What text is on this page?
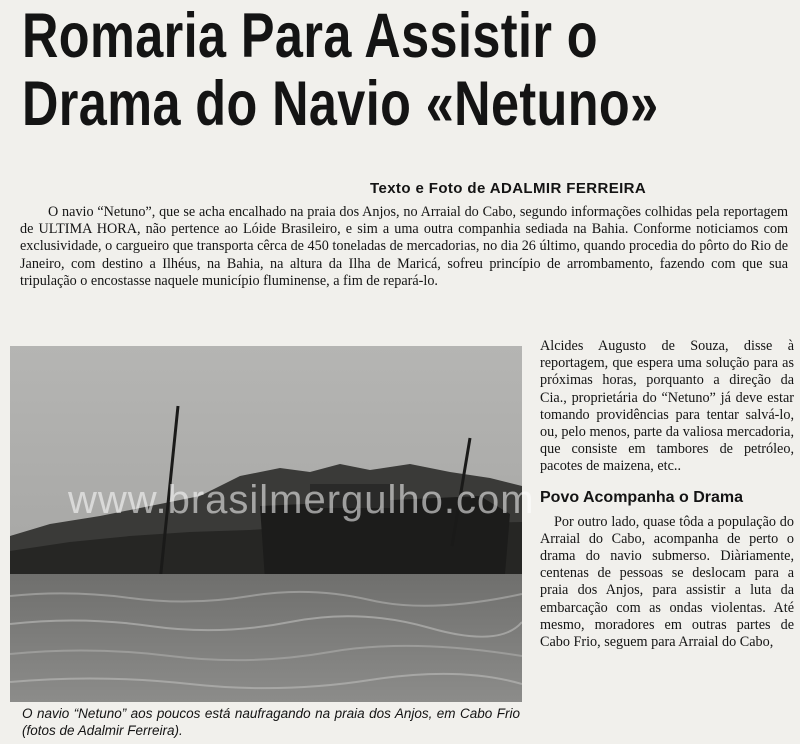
Romaria Para Assistir o
Drama do Navio «Netuno»
Texto e Foto de ADALMIR FERREIRA
O navio “Netuno”, que se acha encalhado na praia dos Anjos, no Arraial do Cabo, segundo informações colhidas pela reportagem de ULTIMA HORA, não pertence ao Lóide Brasileiro, e sim a uma outra companhia sediada na Bahia. Conforme noticiamos com exclusividade, o cargueiro que transporta cêrca de 450 toneladas de mercadorias, no dia 26 último, quando procedia do pôrto do Rio de Janeiro, com destino a Ilhéus, na Bahia, na altura da Ilha de Maricá, sofreu princípio de arrombamento, fazendo com que sua tripulação o encostasse naquele município fluminense, a fim de repará-lo.
www.brasilmergulho.com
O navio “Netuno” aos poucos está naufragando na praia dos Anjos, em Cabo Frio (fotos de Adalmir Ferreira).

Alcides Augusto de Souza, disse à reportagem, que espera uma solução para as próximas horas, porquanto a direção da Cia., proprietária do “Netuno” já deve estar tomando providências para tentar salvá-lo, ou, pelo menos, parte da valiosa mercadoria, que consiste em tambores de petróleo, pacotes de maizena, etc..

Povo Acompanha o Drama

Por outro lado, quase tôda a população do Arraial do Cabo, acompanha de perto o drama do navio submerso. Diàriamente, centenas de pessoas se deslocam para a praia dos Anjos, para assistir a luta da embarcação com as ondas violentas. Até mesmo, moradores em outras partes de Cabo Frio, seguem para Arraial do Cabo,
